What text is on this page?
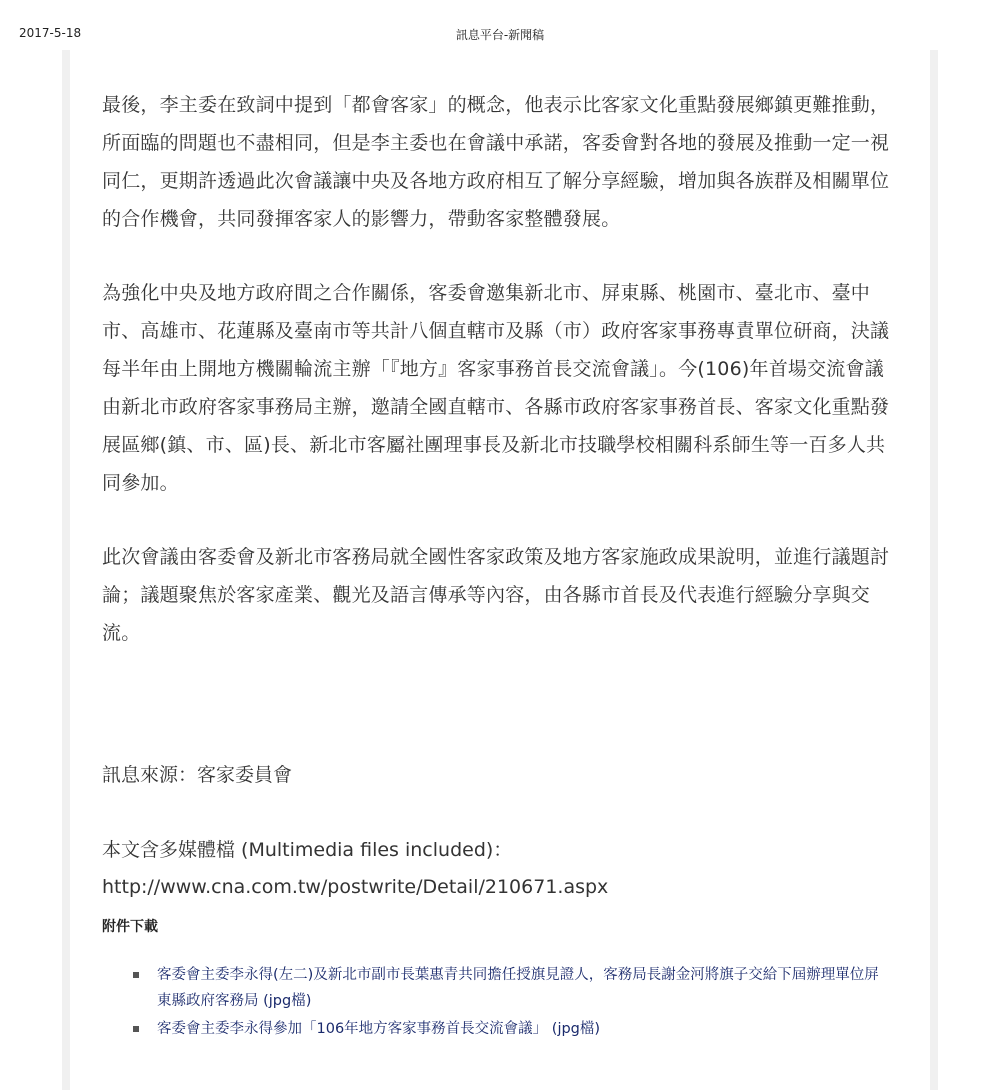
2017-5-18	訊息平台-新聞稿

最後，李主委在致詞中提到「都會客家」的概念，他表示比客家文化重點發展鄉鎮更難推動，所面臨的問題也不盡相同，但是李主委也在會議中承諾，客委會對各地的發展及推動一定一視同仁，更期許透過此次會議讓中央及各地方政府相互了解分享經驗，增加與各族群及相關單位的合作機會，共同發揮客家人的影響力，帶動客家整體發展。

為強化中央及地方政府間之合作關係，客委會邀集新北市、屏東縣、桃園市、臺北市、臺中市、高雄市、花蓮縣及臺南市等共計八個直轄市及縣（市）政府客家事務專責單位研商，決議每半年由上開地方機關輪流主辦「『地方』客家事務首長交流會議」。今(106)年首場交流會議由新北市政府客家事務局主辦，邀請全國直轄市、各縣市政府客家事務首長、客家文化重點發展區鄉(鎮、市、區)長、新北市客屬社團理事長及新北市技職學校相關科系師生等一百多人共同參加。

此次會議由客委會及新北市客務局就全國性客家政策及地方客家施政成果說明，並進行議題討論；議題聚焦於客家產業、觀光及語言傳承等內容，由各縣市首長及代表進行經驗分享與交流。

訊息來源：客家委員會

本文含多媒體檔 (Multimedia files included)：
http://www.cna.com.tw/postwrite/Detail/210671.aspx

附件下載

客委會主委李永得(左二)及新北市副市長葉惠青共同擔任授旗見證人，客務局長謝金河將旗子交給下屆辦理單位屏東縣政府客務局 (jpg檔)
客委會主委李永得參加「106年地方客家事務首長交流會議」 (jpg檔)
